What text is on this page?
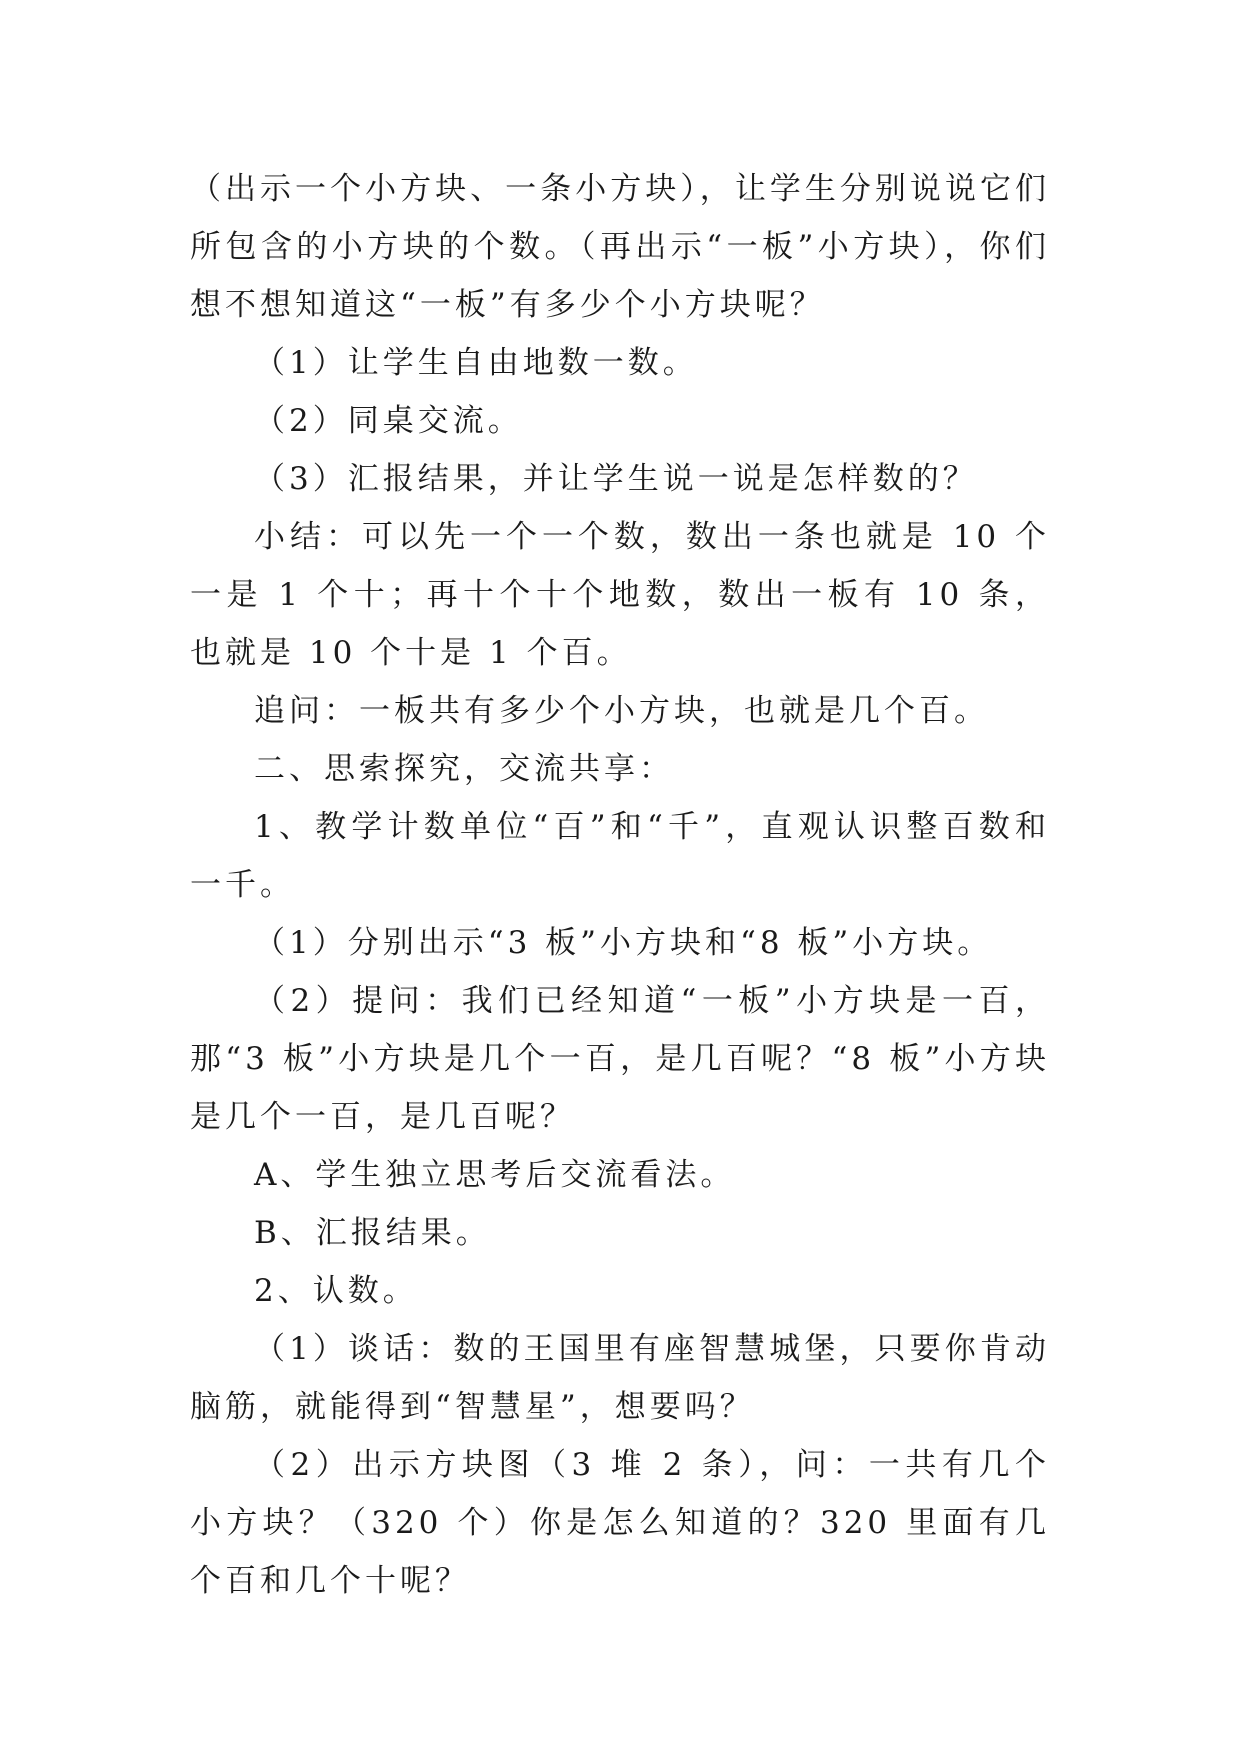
（出示一个小方块、一条小方块），让学生分别说说它们所包含的小方块的个数。（再出示“一板”小方块），你们想不想知道这“一板”有多少个小方块呢？

（1）让学生自由地数一数。

（2）同桌交流。

（3）汇报结果，并让学生说一说是怎样数的？

小结：可以先一个一个数，数出一条也就是 10 个一是 1 个十；再十个十个地数，数出一板有 10 条，也就是 10 个十是 1 个百。

追问：一板共有多少个小方块，也就是几个百。

二、思索探究，交流共享：

1、教学计数单位“百”和“千”，直观认识整百数和一千。

（1）分别出示“3 板”小方块和“8 板”小方块。

（2）提问：我们已经知道“一板”小方块是一百，那“3 板”小方块是几个一百，是几百呢？“8 板”小方块是几个一百，是几百呢？

A、学生独立思考后交流看法。

B、汇报结果。

2、认数。

（1）谈话：数的王国里有座智慧城堡，只要你肯动脑筋，就能得到“智慧星”，想要吗？

（2）出示方块图（3 堆 2 条），问：一共有几个小方块？（320 个）你是怎么知道的？320 里面有几个百和几个十呢？
